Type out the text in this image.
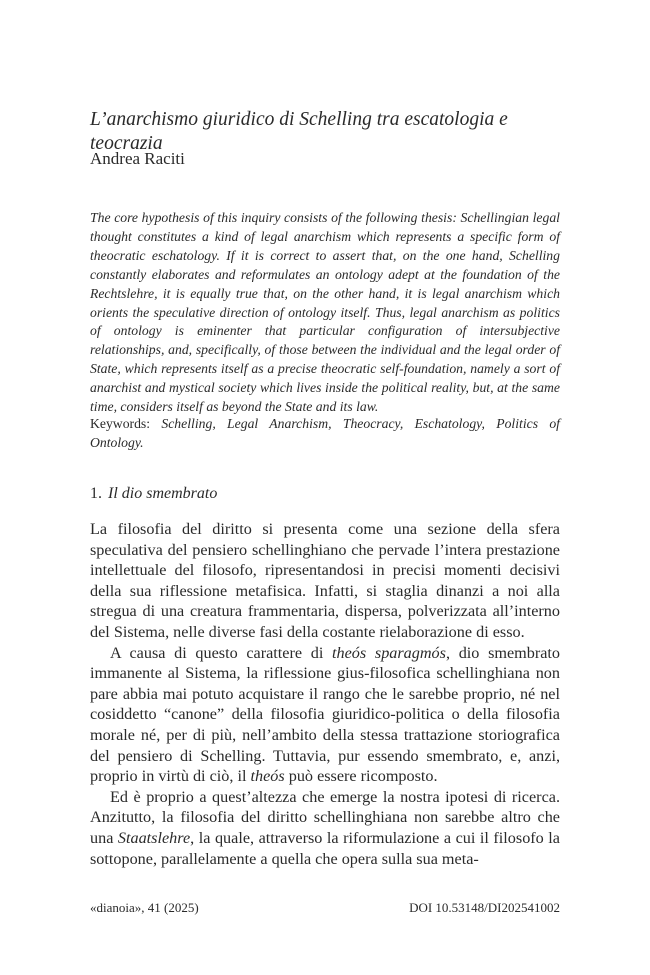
L’anarchismo giuridico di Schelling tra escatologia e teocrazia

Andrea Raciti

The core hypothesis of this inquiry consists of the following thesis: Schellingian legal thought constitutes a kind of legal anarchism which represents a specific form of theocratic eschatology. If it is correct to assert that, on the one hand, Schelling constantly elaborates and reformulates an ontology adept at the foundation of the Rechtslehre, it is equally true that, on the other hand, it is legal anarchism which orients the speculative direction of ontology itself. Thus, legal anarchism as politics of ontology is eminenter that particular configuration of intersubjective relationships, and, specifically, of those between the individual and the legal order of State, which represents itself as a precise theocratic self-foundation, namely a sort of anarchist and mystical society which lives inside the political reality, but, at the same time, considers itself as beyond the State and its law.

Keywords: Schelling, Legal Anarchism, Theocracy, Eschatology, Politics of Ontology.

1. Il dio smembrato

La filosofia del diritto si presenta come una sezione della sfera speculativa del pensiero schellinghiano che pervade l’intera prestazione intellettuale del filosofo, ripresentandosi in precisi momenti decisivi della sua riflessione metafisica. Infatti, si staglia dinanzi a noi alla stregua di una creatura frammentaria, dispersa, polverizzata all’interno del Sistema, nelle diverse fasi della costante rielaborazione di esso.

A causa di questo carattere di theós sparagmós, dio smembrato immanente al Sistema, la riflessione gius-filosofica schellinghiana non pare abbia mai potuto acquistare il rango che le sarebbe proprio, né nel cosiddetto “canone” della filosofia giuridico-politica o della filosofia morale né, per di più, nell’ambito della stessa trattazione storiografica del pensiero di Schelling. Tuttavia, pur essendo smembrato, e, anzi, proprio in virtù di ciò, il theós può essere ricomposto.

Ed è proprio a quest’altezza che emerge la nostra ipotesi di ricerca. Anzitutto, la filosofia del diritto schellinghiana non sarebbe altro che una Staatslehre, la quale, attraverso la riformulazione a cui il filosofo la sottopone, parallelamente a quella che opera sulla sua meta-

«dianoia», 41 (2025)	DOI 10.53148/DI202541002
